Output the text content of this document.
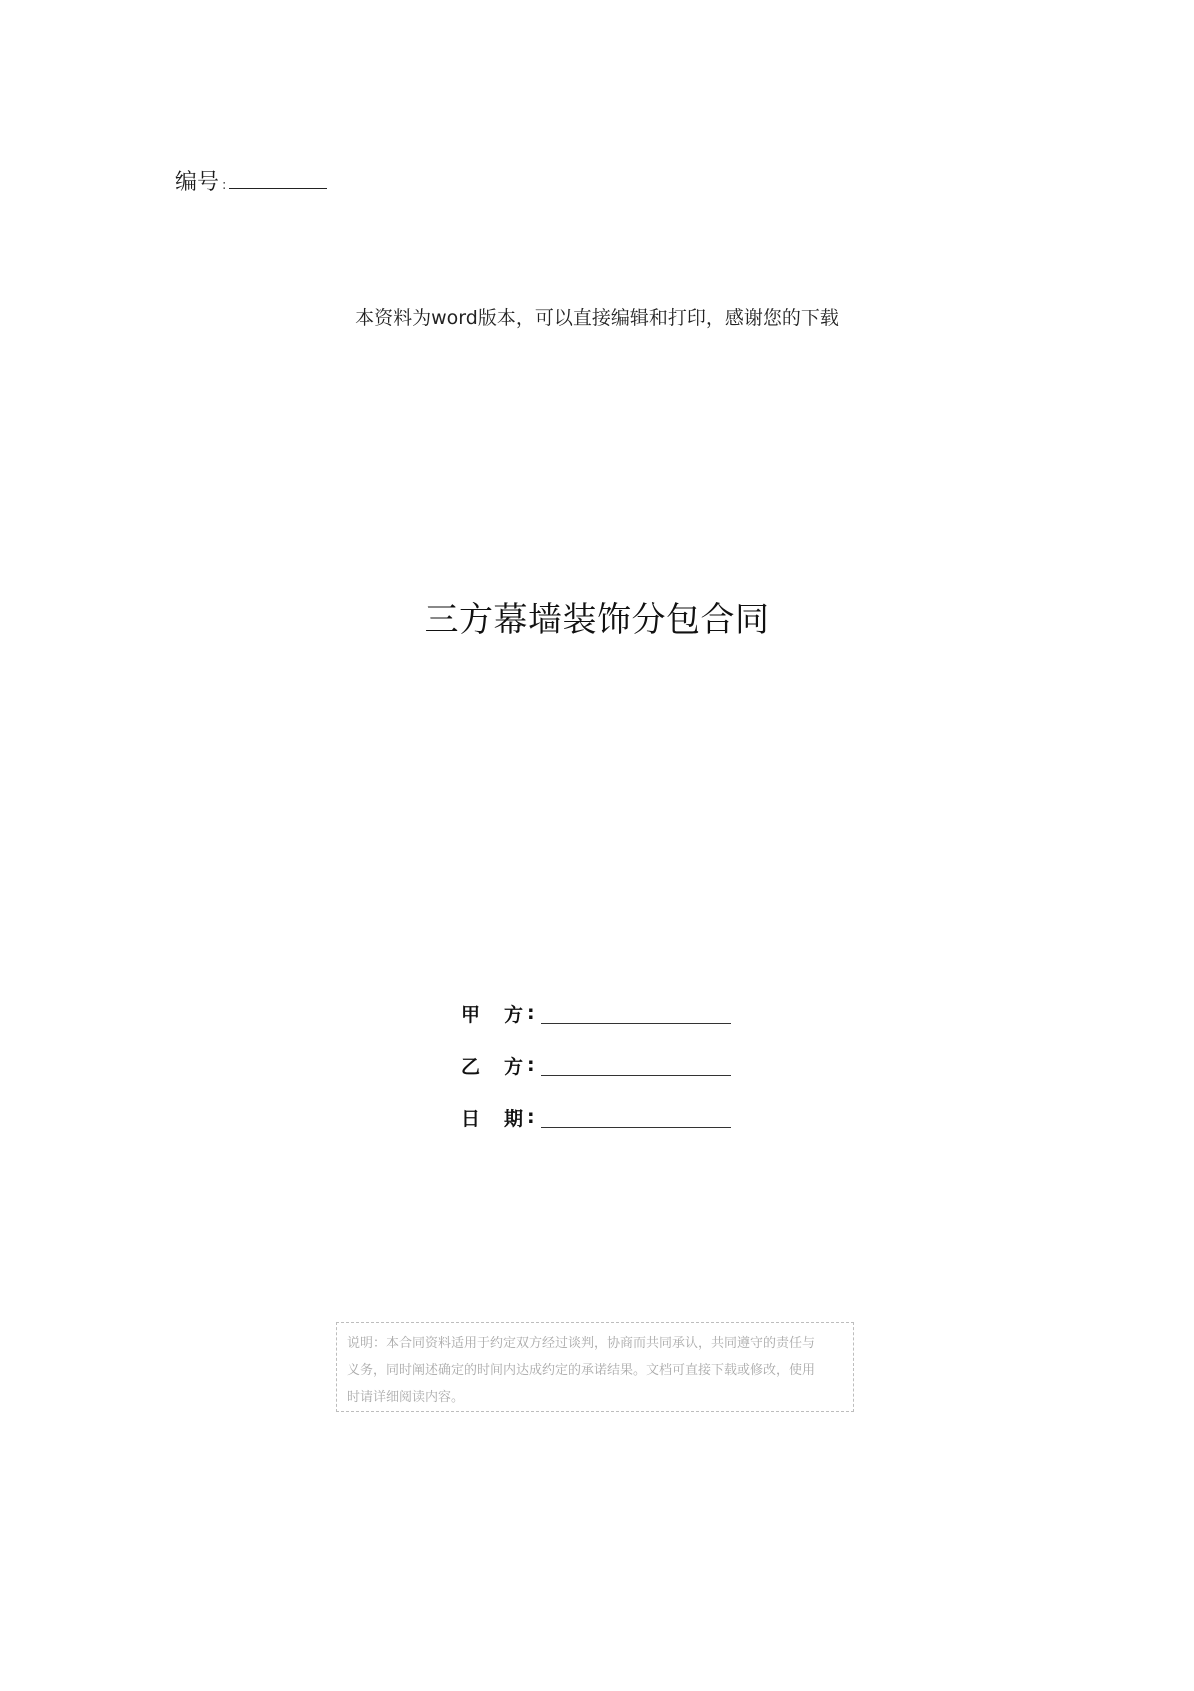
编号 :
本资料为word版本，可以直接编辑和打印，感谢您的下载
三方幕墙装饰分包合同
甲 方 :
乙 方 :
日 期 :
说明：本合同资料适用于约定双方经过谈判，协商而共同承认，共同遵守的责任与
义务，同时阐述确定的时间内达成约定的承诺结果。文档可直接下载或修改，使用
时请详细阅读内容。
